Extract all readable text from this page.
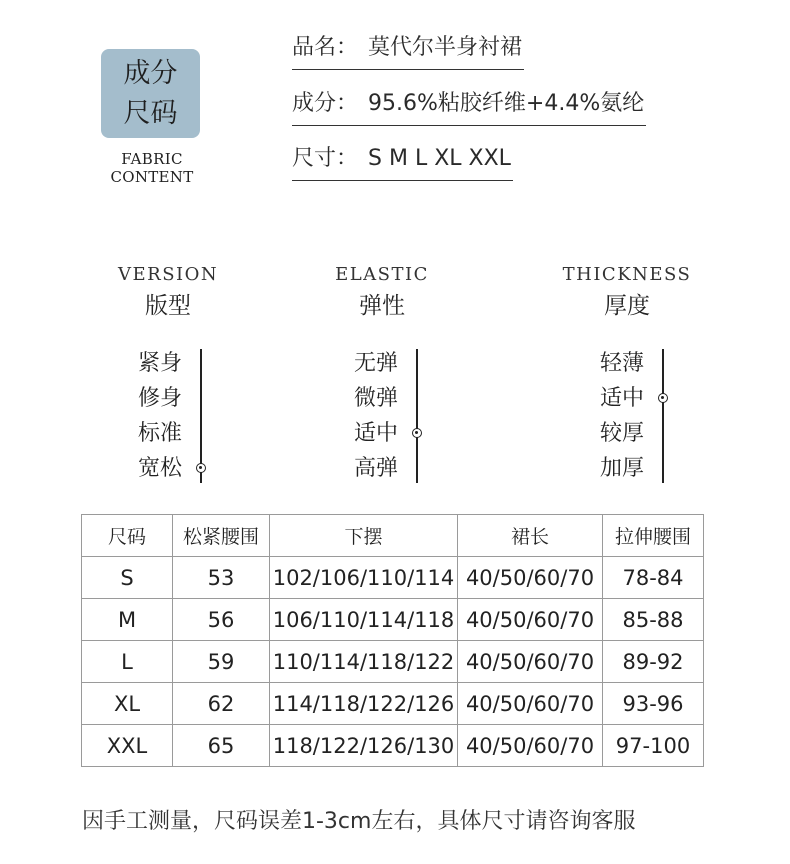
成分
尺码
FABRIC CONTENT
品名： 莫代尔半身衬裙
成分： 95.6%粘胶纤维+4.4%氨纶
尺寸： S M L XL XXL
VERSION
版型
ELASTIC
弹性
THICKNESS
厚度
紧身
修身
标准
宽松
无弹
微弹
适中
高弹
轻薄
适中
较厚
加厚
尺码	松紧腰围	下摆	裙长	拉伸腰围
S	53	102/106/110/114	40/50/60/70	78-84
M	56	106/110/114/118	40/50/60/70	85-88
L	59	110/114/118/122	40/50/60/70	89-92
XL	62	114/118/122/126	40/50/60/70	93-96
XXL	65	118/122/126/130	40/50/60/70	97-100
因手工测量，尺码误差1-3cm左右，具体尺寸请咨询客服
